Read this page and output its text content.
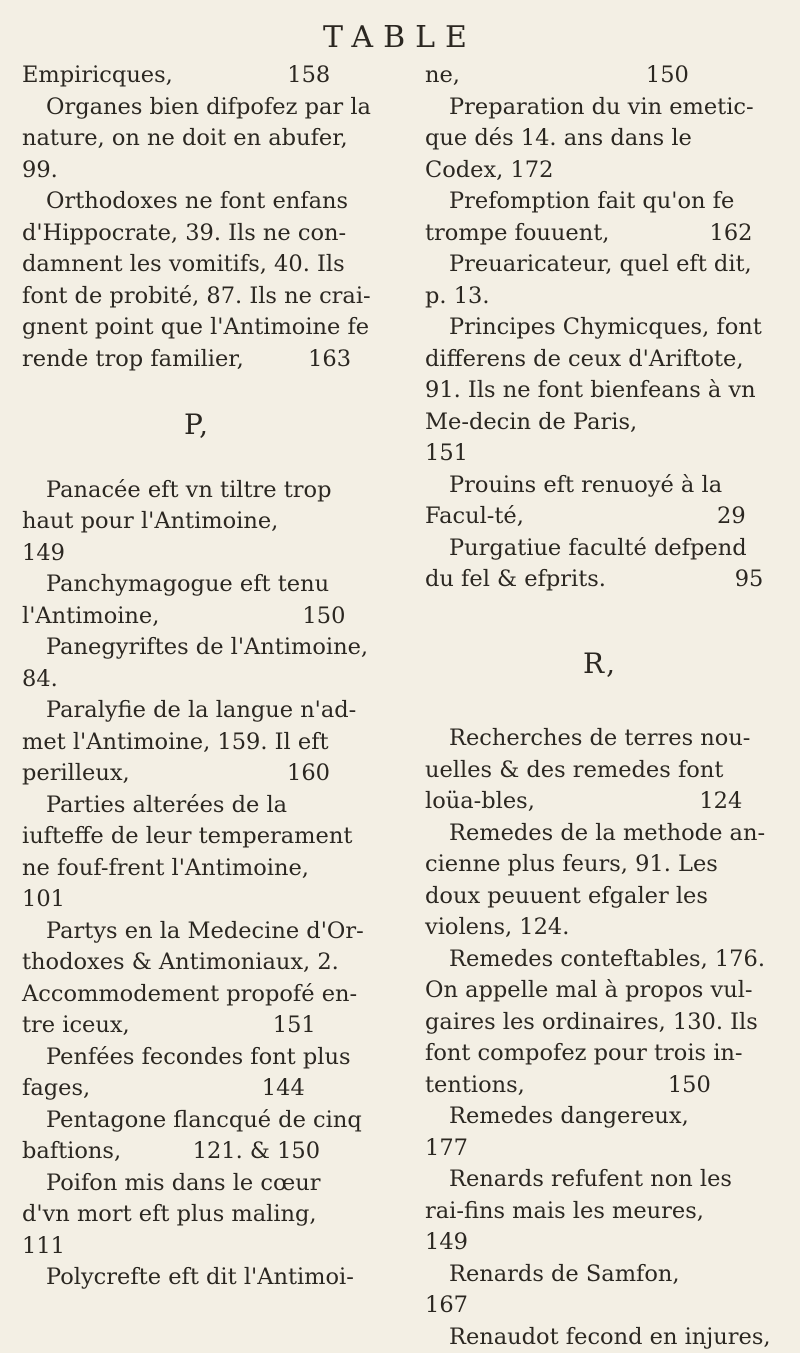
TABLE

Empiricques,                158

Organes bien difpofez par la nature, on ne doit en abufer, 99.

Orthodoxes ne font enfans d'Hippocrate, 39. Ils ne con-damnent les vomitifs, 40. Ils font de probité, 87. Ils ne crai-gnent point que l'Antimoine fe rende trop familier,         163

P,

Panacée eft vn tiltre trop haut pour l'Antimoine,        149

Panchymagogue eft tenu l'Antimoine,                    150

Panegyriftes de l'Antimoine, 84.

Paralyfie de la langue n'ad-met l'Antimoine, 159. Il eft perilleux,                      160

Parties alterées de la iufteffe de leur temperament ne fouf-frent l'Antimoine,             101

Partys en la Medecine d'Or-thodoxes & Antimoniaux, 2. Accommodement propofé en-tre iceux,                    151

Penfées fecondes font plus fages,                        144

Pentagone flancqué de cinq baftions,          121. & 150

Poifon mis dans le cœur d'vn mort eft plus maling,         111

Polycrefte eft dit l'Antimoi-

ne,                          150

Preparation du vin emetic-que dés 14. ans dans le Codex, 172

Prefomption fait qu'on fe trompe fouuent,              162

Preuaricateur, quel eft dit, p. 13.

Principes Chymicques, font differens de ceux d'Ariftote, 91. Ils ne font bienfeans à vn Me-decin de Paris,               151

Prouins eft renuoyé à la Facul-té,                           29

Purgatiue faculté defpend du fel & efprits.                  95

R,

Recherches de terres nou-uelles & des remedes font loüa-bles,                       124

Remedes de la methode an-cienne plus feurs, 91. Les doux peuuent efgaler les violens, 124.

Remedes conteftables, 176. On appelle mal à propos vul-gaires les ordinaires, 130. Ils font compofez pour trois in-tentions,                    150

Remedes dangereux,         177

Renards refufent non les rai-fins mais les meures,      149

Renards de Samfon,          167

Renaudot fecond en injures,
